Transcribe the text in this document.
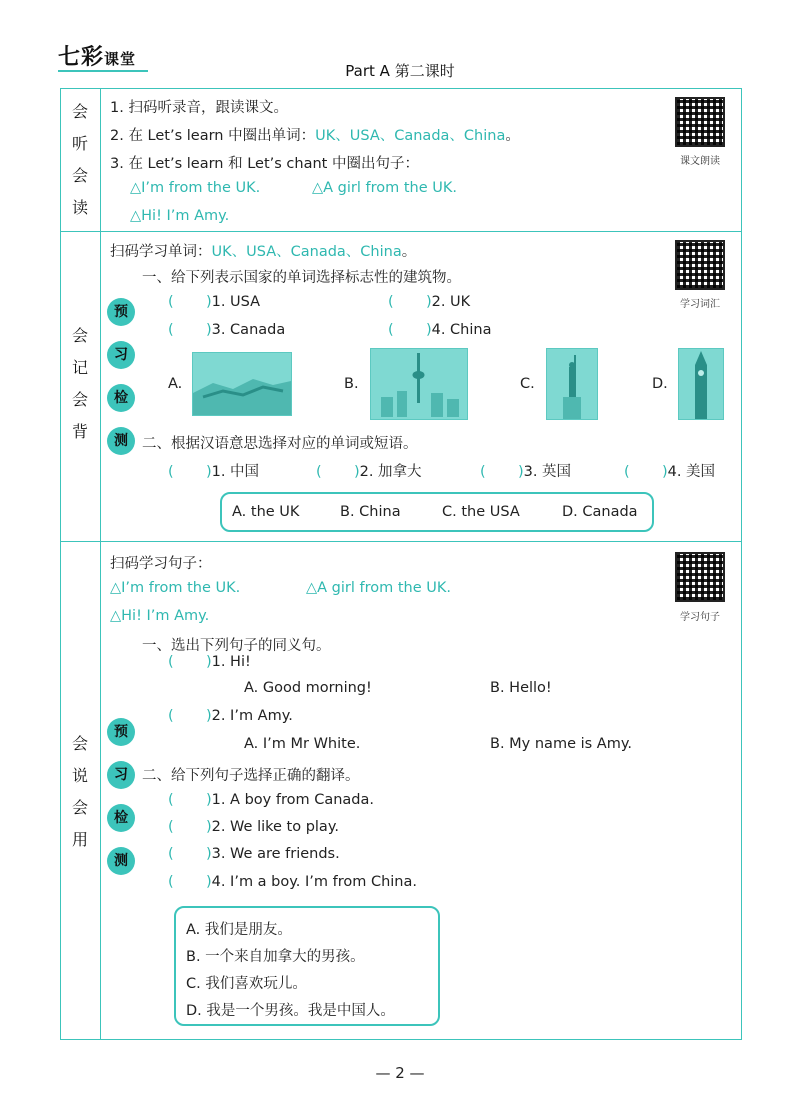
七彩课堂
Part A 第二课时
会
听
会
读
1. 扫码听录音，跟读课文。
2. 在 Let’s learn 中圈出单词：UK、USA、Canada、China。
3. 在 Let’s learn 和 Let’s chant 中圈出句子：
△I’m from the UK.	△A girl from the UK.
△Hi! I’m Amy.
课文朗读
会
记
会
背
扫码学习单词：UK、USA、Canada、China。
学习词汇
一、给下列表示国家的单词选择标志性的建筑物。
预
习
检
测
( )1. USA	( )2. UK
( )3. Canada	( )4. China
A.	B.	C.	D.
二、根据汉语意思选择对应的单词或短语。
( )1. 中国	( )2. 加拿大	( )3. 英国	( )4. 美国
A. the UK	B. China	C. the USA	D. Canada
会
说
会
用
扫码学习句子：
△I’m from the UK.	△A girl from the UK.
△Hi! I’m Amy.	学习句子
一、选出下列句子的同义句。
( )1. Hi!
A. Good morning!	B. Hello!
( )2. I’m Amy.
A. I’m Mr White.	B. My name is Amy.
预
习
检
测
二、给下列句子选择正确的翻译。
( )1. A boy from Canada.
( )2. We like to play.
( )3. We are friends.
( )4. I’m a boy. I’m from China.
A. 我们是朋友。
B. 一个来自加拿大的男孩。
C. 我们喜欢玩儿。
D. 我是一个男孩。我是中国人。
— 2 —
